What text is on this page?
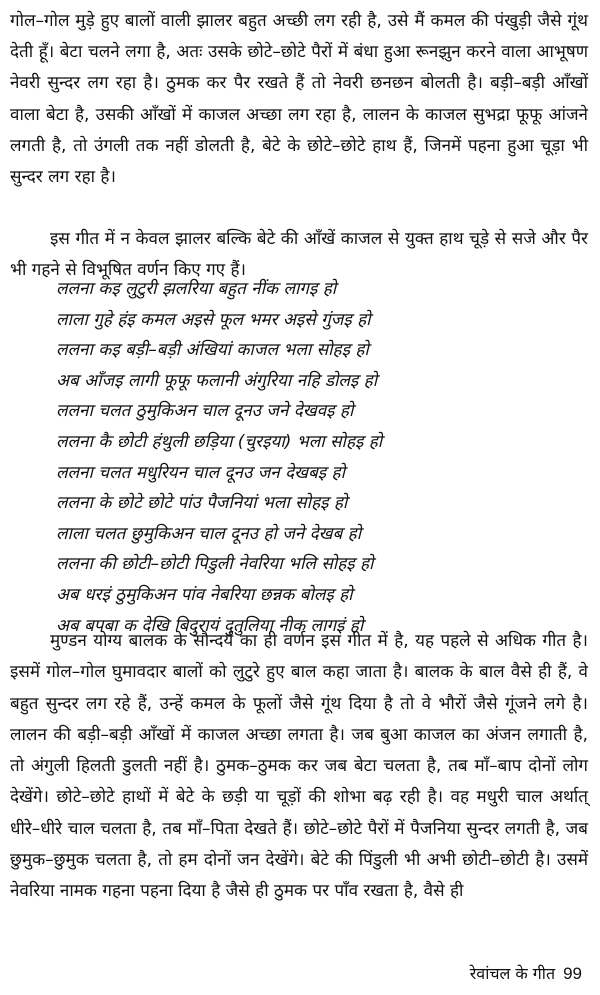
गोल–गोल मुड़े हुए बालों वाली झालर बहुत अच्छी लग रही है, उसे मैं कमल की पंखुड़ी जैसे गूंथ देती हूँ। बेटा चलने लगा है, अतः उसके छोटे–छोटे पैरों में बंधा हुआ रूनझुन करने वाला आभूषण नेवरी सुन्दर लग रहा है। ठुमक कर पैर रखते हैं तो नेवरी छनछन बोलती है। बड़ी–बड़ी आँखों वाला बेटा है, उसकी आँखों में काजल अच्छा लग रहा है, लालन के काजल सुभद्रा फूफू आंजने लगती है, तो उंगली तक नहीं डोलती है, बेटे के छोटे–छोटे हाथ हैं, जिनमें पहना हुआ चूड़ा भी सुन्दर लग रहा है।

इस गीत में न केवल झालर बल्कि बेटे की आँखें काजल से युक्त हाथ चूड़े से सजे और पैर भी गहने से विभूषित वर्णन किए गए हैं।

ललना कइ लुटुरी झलरिया बहुत नींक लागइ हो
लाला गुहे हंइ कमल अइसे फूल भमर अइसे गुंजइ हो
ललना कइ बड़ी–बड़ी अंखियां काजल भला सोहइ हो
अब आँजइ लागी फूफू फलानी अंगुरिया नहि डोलइ हो
ललना चलत ठुमुकिअन चाल दूनउ जने देखवइ हो
ललना कै छोटी हंथुली छड़िया (चुरइया) भला सोहइ हो
ललना चलत मधुरियन चाल दूनउ जन देखबइ हो
ललना के छोटे छोटे पांउ पैजनियां भला सोहइ हो
लाला चलत छुमुकिअन चाल दूनउ हो जने देखब हो
ललना की छोटी–छोटी पिडुली नेवरिया भलि सोहइ हो
अब धरइं ठुमुकिअन पांव नेबरिया छन्नक बोलइ हो
अब बपबा क देखि बिदुरायं दुतुलिया नीक लागइं हो

मुण्डन योग्य बालक के सौन्दर्य का ही वर्णन इस गीत में है, यह पहले से अधिक गीत है। इसमें गोल–गोल घुमावदार बालों को लुटुरे हुए बाल कहा जाता है। बालक के बाल वैसे ही हैं, वे बहुत सुन्दर लग रहे हैं, उन्हें कमल के फूलों जैसे गूंथ दिया है तो वे भौरों जैसे गूंजने लगे है। लालन की बड़ी–बड़ी आँखों में काजल अच्छा लगता है। जब बुआ काजल का अंजन लगाती है, तो अंगुली हिलती डुलती नहीं है। ठुमक–ठुमक कर जब बेटा चलता है, तब माँ–बाप दोनों लोग देखेंगे। छोटे–छोटे हाथों में बेटे के छड़ी या चूड़ों की शोभा बढ़ रही है। वह मधुरी चाल अर्थात् धीरे–धीरे चाल चलता है, तब माँ–पिता देखते हैं। छोटे–छोटे पैरों में पैजनिया सुन्दर लगती है, जब छुमुक–छुमुक चलता है, तो हम दोनों जन देखेंगे। बेटे की पिंडुली भी अभी छोटी–छोटी है। उसमें नेवरिया नामक गहना पहना दिया है जैसे ही ठुमक पर पाँव रखता है, वैसे ही

रेवांचल के गीत 99
